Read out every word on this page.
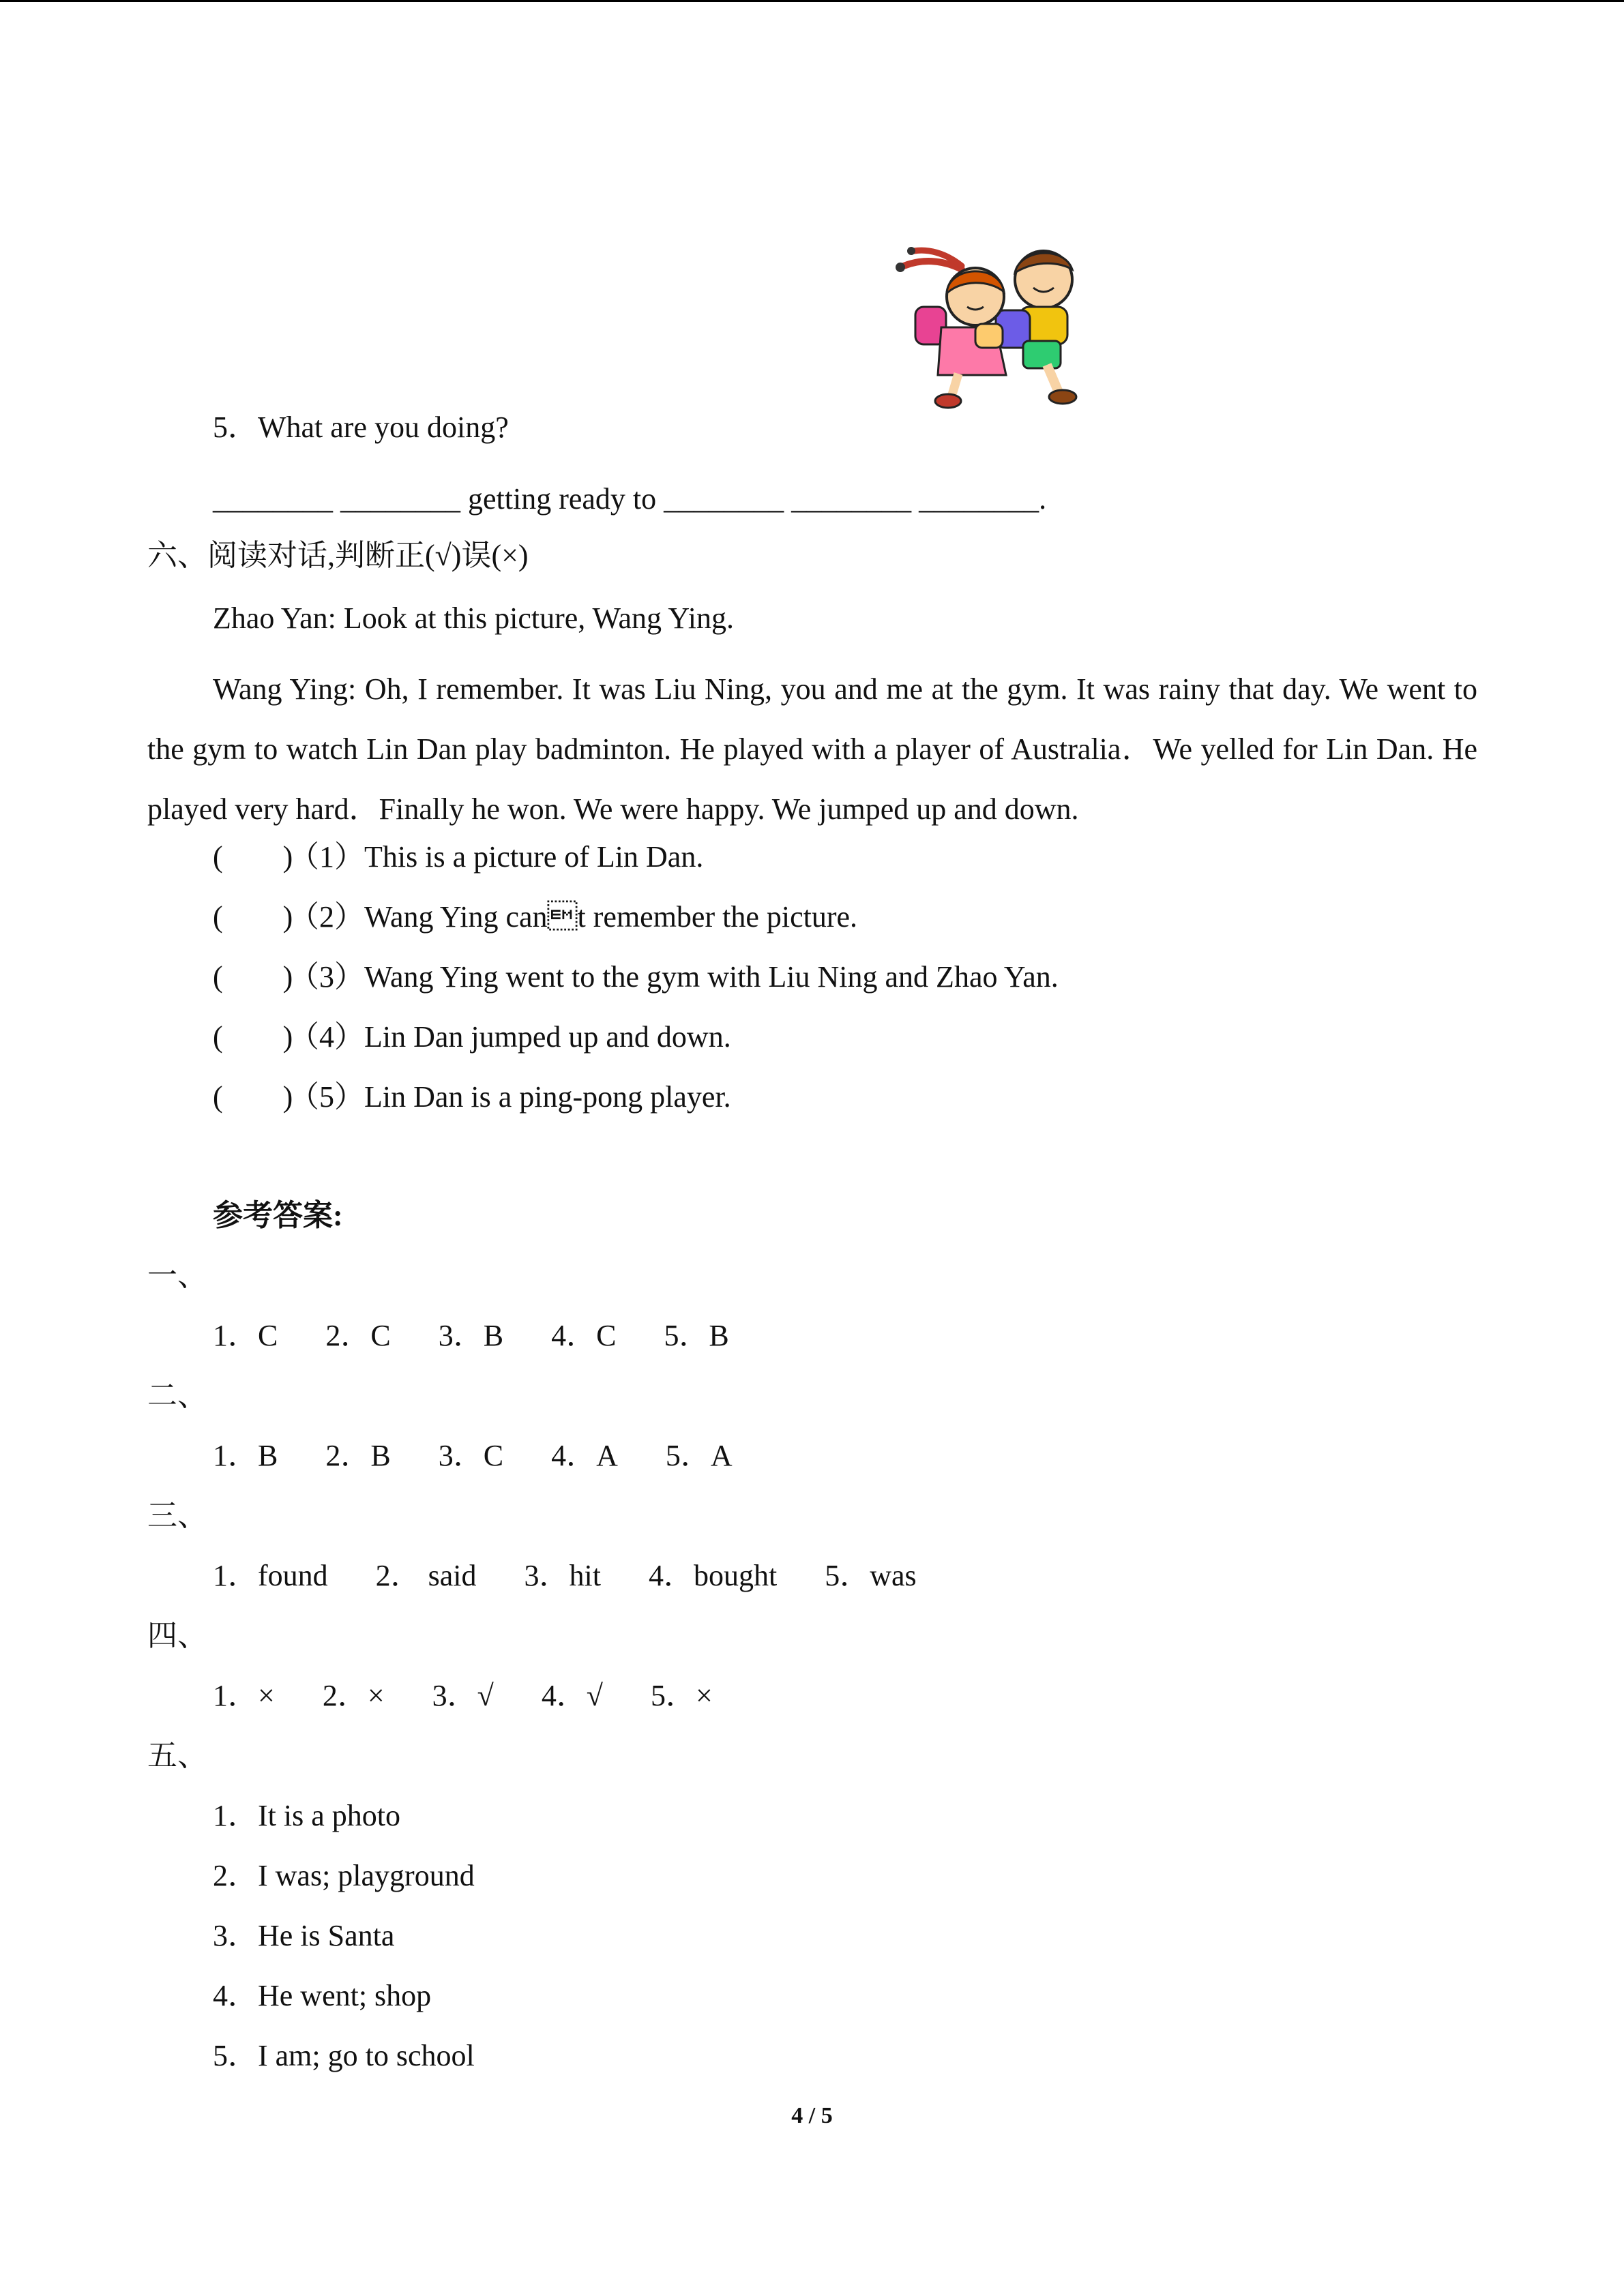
5．What are you doing?
________ ________ getting ready to ________ ________ ________.
六、阅读对话,判断正(√)误(×)
Zhao Yan: Look at this picture, Wang Ying.
Wang Ying: Oh, I remember. It was Liu Ning, you and me at the gym. It was rainy that day. We went to the gym to watch Lin Dan play badminton. He played with a player of Australia．We yelled for Lin Dan. He played very hard．Finally he won. We were happy. We jumped up and down.
(　　)（1）This is a picture of Lin Dan.
(　　)（2）Wang Ying cant remember the picture.
(　　)（3）Wang Ying went to the gym with Liu Ning and Zhao Yan.
(　　)（4）Lin Dan jumped up and down.
(　　)（5）Lin Dan is a ping-pong player.
参考答案:
一、
1．C 2．C 3．B 4．C 5．B
二、
1．B 2．B 3．C 4．A 5．A
三、
1．found 2． said 3．hit 4．bought 5．was
四、
1．× 2．× 3．√ 4．√ 5．×
五、
1．It is a photo
2．I was; playground
3．He is Santa
4．He went; shop
5．I am; go to school
4 / 5
